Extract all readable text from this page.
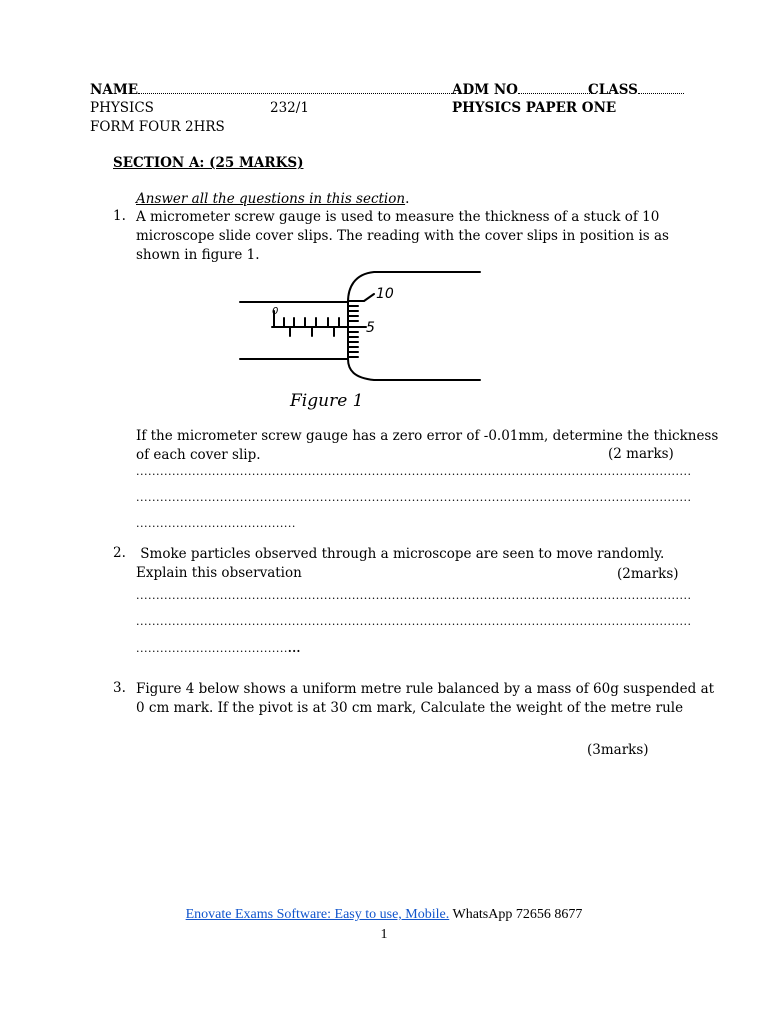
NAME	ADM NO	CLASS
PHYSICS	232/1	PHYSICS PAPER ONE
FORM FOUR 2HRS
SECTION A: (25 MARKS)
Answer all the questions in this section.
1. A micrometer screw gauge is used to measure the thickness of a stuck of 10
microscope slide cover slips. The reading with the cover slips in position is as
shown in figure 1.
0
10
5
Figure 1
If the micrometer screw gauge has a zero error of -0.01mm, determine the thickness
of each cover slip.	(2 marks)
...........................................................................................................................................
...........................................................................................................................................
........................................
2. Smoke particles observed through a microscope are seen to move randomly.
Explain this observation	(2marks)
...........................................................................................................................................
...........................................................................................................................................
.........................................
3. Figure 4 below shows a uniform metre rule balanced by a mass of 60g suspended at
0 cm mark. If the pivot is at 30 cm mark, Calculate the weight of the metre rule
(3marks)
Enovate Exams Software: Easy to use, Mobile. WhatsApp 72656 8677
1
